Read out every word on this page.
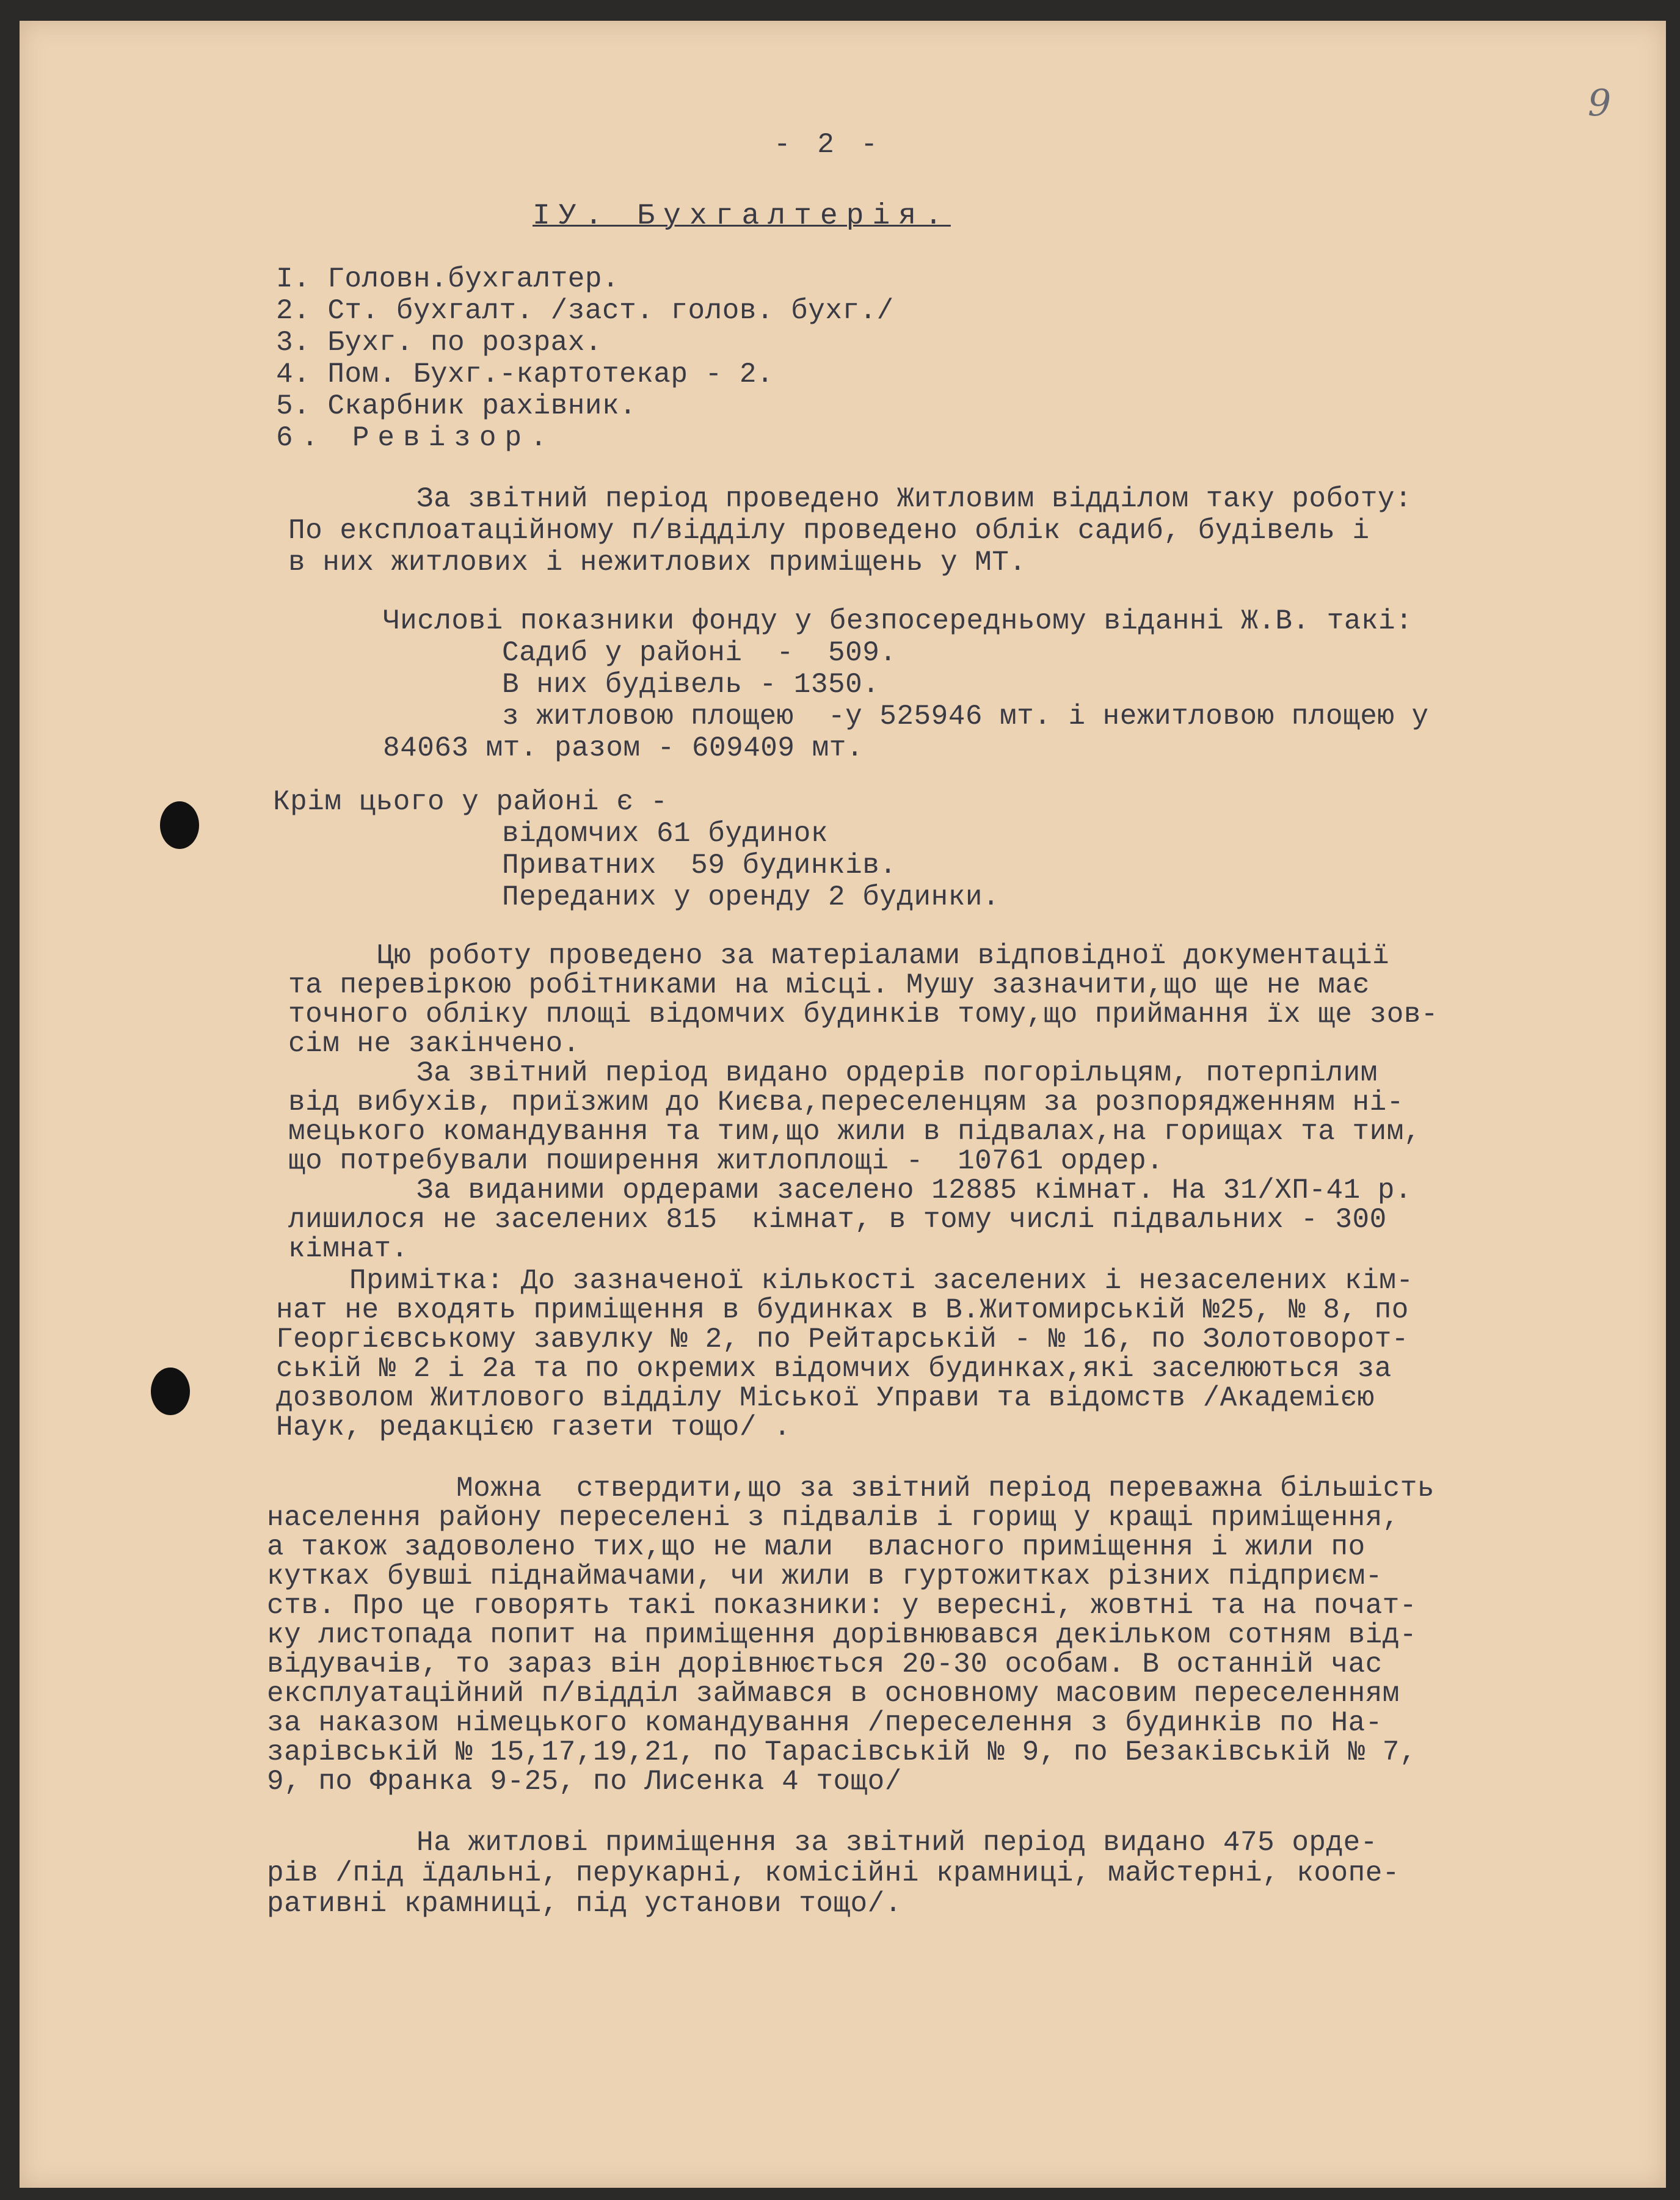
9
- 2 -
IУ. Бухгалтерія.
I. Головн.бухгалтер.
2. Ст. бухгалт. /заст. голов. бухг./
3. Бухг. по розрах.
4. Пом. Бухг.-картотекар - 2.
5. Скарбник рахівник.
6. Ревізор.
За звітний період проведено Житловим відділом таку роботу:
По експлоатаційному п/відділу проведено облік садиб, будівель і
в них житлових і нежитлових приміщень у МТ.
Числові показники фонду у безпосередньому віданні Ж.В. такі:
Садиб у районі  -  509.
В них будівель - 1350.
з житловою площею  -у 525946 мт. і нежитловою площею у
84063 мт. разом - 609409 мт.
Крім цього у районі є -
відомчих 61 будинок
Приватних  59 будинків.
Переданих у оренду 2 будинки.
Цю роботу проведено за матеріалами відповідної документації
та перевіркою робітниками на місці. Мушу зазначити,що ще не має
точного обліку площі відомчих будинків тому,що приймання їх ще зов-
сім не закінчено.
За звітний період видано ордерів погорільцям, потерпілим
від вибухів, приїзжим до Києва,переселенцям за розпорядженням ні-
мецького командування та тим,що жили в підвалах,на горищах та тим,
що потребували поширення житлоплощі -  10761 ордер.
За виданими ордерами заселено 12885 кімнат. На 31/XП-41 р.
лишилося не заселених 815  кімнат, в тому числі підвальних - 300
кімнат.
Примітка: До зазначеної кількості заселених і незаселених кім-
нат не входять приміщення в будинках в В.Житомирській №25, № 8, по
Георгієвському завулку № 2, по Рейтарській - № 16, по Золотоворот-
ській № 2 і 2а та по окремих відомчих будинках,які заселюються за
дозволом Житлового відділу Міської Управи та відомств /Академією
Наук, редакцією газети тощо/ .
Можна  ствердити,що за звітний період переважна більшість
населення району переселені з підвалів і горищ у кращі приміщення,
а також задоволено тих,що не мали  власного приміщення і жили по
кутках бувші піднаймачами, чи жили в гуртожитках різних підприєм-
ств. Про це говорять такі показники: у вересні, жовтні та на почат-
ку листопада попит на приміщення дорівнювався декільком сотням від-
відувачів, то зараз він дорівнюється 20-30 особам. В останній час
експлуатаційний п/відділ займався в основному масовим переселенням
за наказом німецького командування /переселення з будинків по На-
зарівській № 15,17,19,21, по Тарасівській № 9, по Безаківській № 7,
9, по Франка 9-25, по Лисенка 4 тощо/
На житлові приміщення за звітний період видано 475 орде-
рів /під їдальні, перукарні, комісійні крамниці, майстерні, коопе-
ративні крамниці, під установи тощо/.
